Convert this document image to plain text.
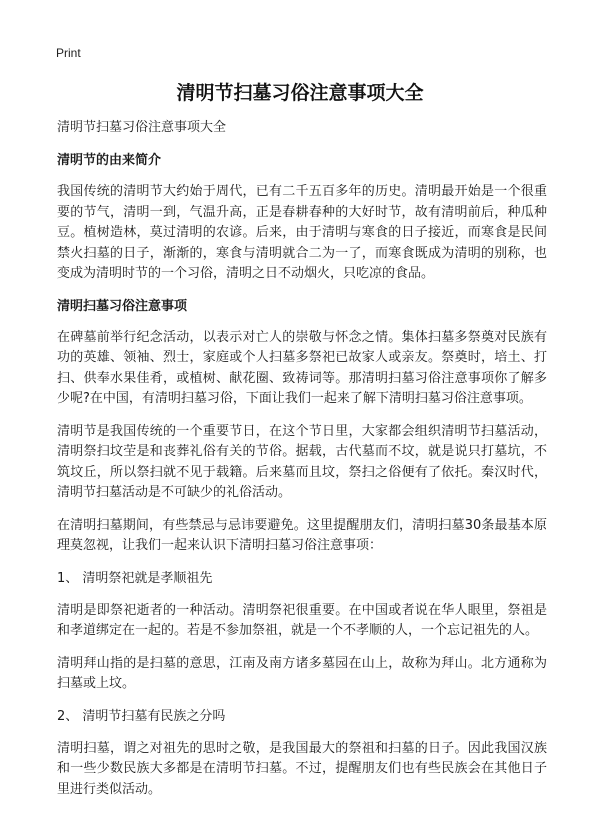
Print
清明节扫墓习俗注意事项大全
清明节扫墓习俗注意事项大全
清明节的由来简介

我国传统的清明节大约始于周代，已有二千五百多年的历史。清明最开始是一个很重要的节气，清明一到，气温升高，正是春耕春种的大好时节，故有清明前后，种瓜种豆。植树造林，莫过清明的农谚。后来，由于清明与寒食的日子接近，而寒食是民间禁火扫墓的日子，渐渐的，寒食与清明就合二为一了，而寒食既成为清明的别称，也变成为清明时节的一个习俗，清明之日不动烟火，只吃凉的食品。

清明扫墓习俗注意事项

在碑墓前举行纪念活动，以表示对亡人的崇敬与怀念之情。集体扫墓多祭奠对民族有功的英雄、领袖、烈士，家庭或个人扫墓多祭祀已故家人或亲友。祭奠时，培土、打扫、供奉水果佳肴，或植树、献花圈、致祷词等。那清明扫墓习俗注意事项你了解多少呢?在中国，有清明扫墓习俗，下面让我们一起来了解下清明扫墓习俗注意事项。

清明节是我国传统的一个重要节日，在这个节日里，大家都会组织清明节扫墓活动，清明祭扫坟茔是和丧葬礼俗有关的节俗。据载，古代墓而不坟，就是说只打墓坑，不筑坟丘，所以祭扫就不见于载籍。后来墓而且坟，祭扫之俗便有了依托。秦汉时代，清明节扫墓活动是不可缺少的礼俗活动。

在清明扫墓期间，有些禁忌与忌讳要避免。这里提醒朋友们，清明扫墓30条最基本原理莫忽视，让我们一起来认识下清明扫墓习俗注意事项：

1、 清明祭祀就是孝顺祖先

清明是即祭祀逝者的一种活动。清明祭祀很重要。在中国或者说在华人眼里，祭祖是和孝道绑定在一起的。若是不参加祭祖，就是一个不孝顺的人，一个忘记祖先的人。

清明拜山指的是扫墓的意思，江南及南方诸多墓园在山上，故称为拜山。北方通称为扫墓或上坟。

2、 清明节扫墓有民族之分吗

清明扫墓，谓之对祖先的思时之敬，是我国最大的祭祖和扫墓的日子。因此我国汉族和一些少数民族大多都是在清明节扫墓。不过，提醒朋友们也有些民族会在其他日子里进行类似活动。
